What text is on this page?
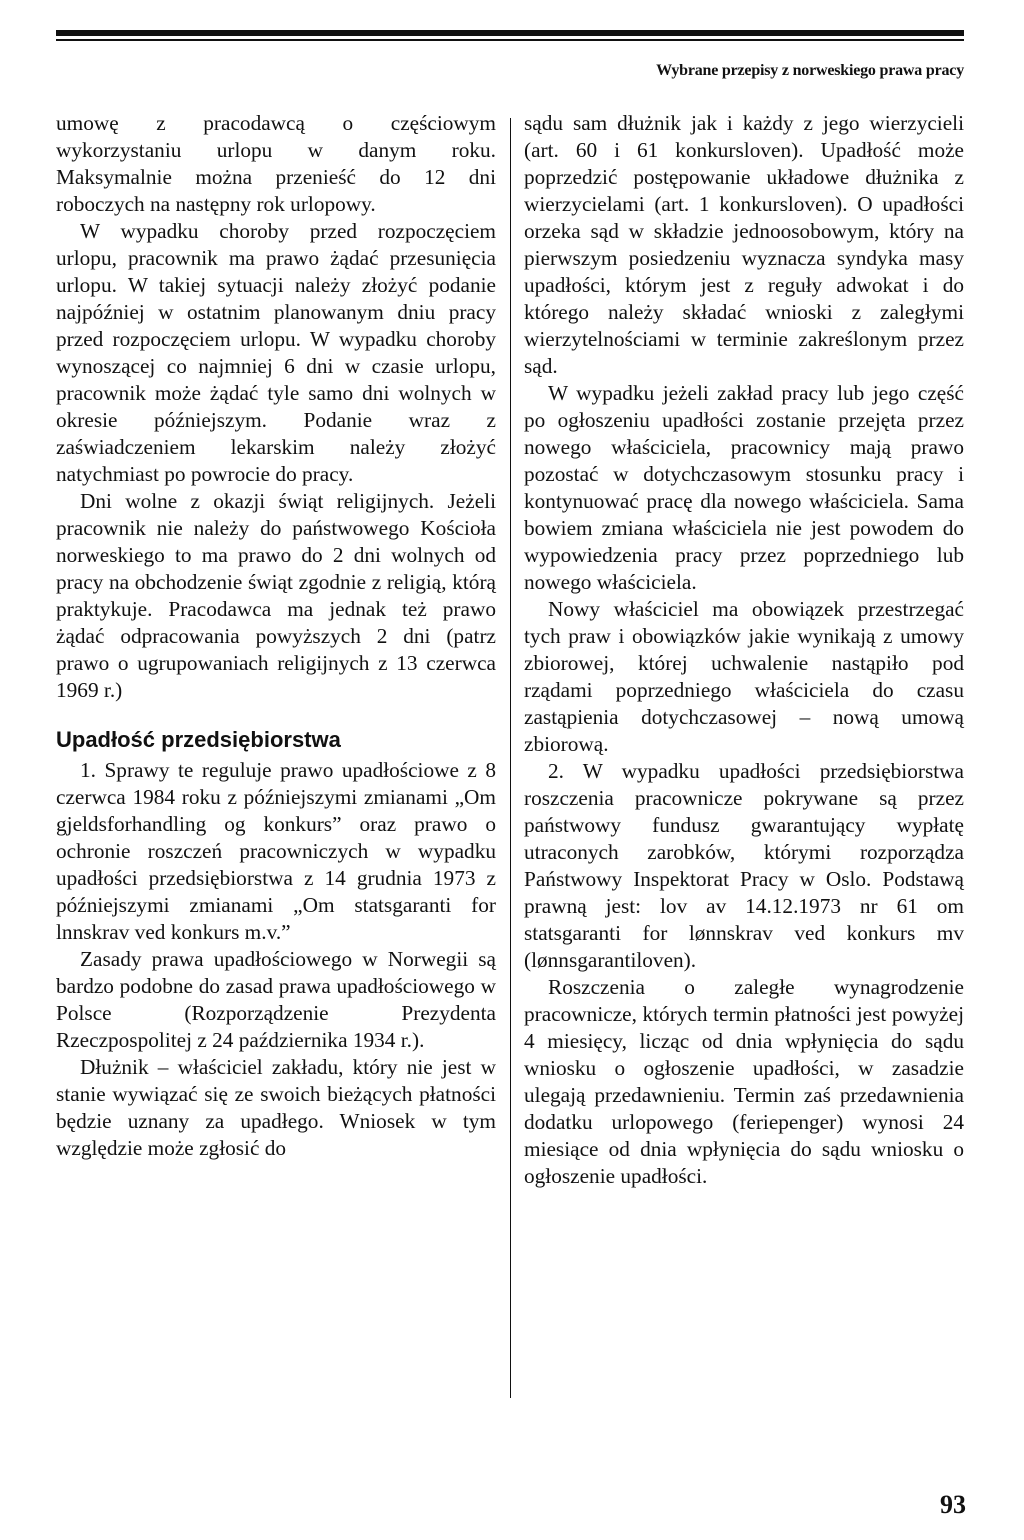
Wybrane przepisy z norweskiego prawa pracy

umowę z pracodawcą o częściowym wykorzystaniu urlopu w danym roku. Maksymalnie można przenieść do 12 dni roboczych na następny rok urlopowy.

W wypadku choroby przed rozpoczęciem urlopu, pracownik ma prawo żądać przesunięcia urlopu. W takiej sytuacji należy złożyć podanie najpóźniej w ostatnim planowanym dniu pracy przed rozpoczęciem urlopu. W wypadku choroby wynoszącej co najmniej 6 dni w czasie urlopu, pracownik może żądać tyle samo dni wolnych w okresie późniejszym. Podanie wraz z zaświadczeniem lekarskim należy złożyć natychmiast po powrocie do pracy.

Dni wolne z okazji świąt religijnych. Jeżeli pracownik nie należy do państwowego Kościoła norweskiego to ma prawo do 2 dni wolnych od pracy na obchodzenie świąt zgodnie z religią, którą praktykuje. Pracodawca ma jednak też prawo żądać odpracowania powyższych 2 dni (patrz prawo o ugrupowaniach religijnych z 13 czerwca 1969 r.)

Upadłość przedsiębiorstwa

1. Sprawy te reguluje prawo upadłościowe z 8 czerwca 1984 roku z późniejszymi zmianami „Om gjeldsforhandling og konkurs” oraz prawo o ochronie roszczeń pracowniczych w wypadku upadłości przedsiębiorstwa z 14 grudnia 1973 z późniejszymi zmianami „Om statsgaranti for lnnskrav ved konkurs m.v.”

Zasady prawa upadłościowego w Norwegii są bardzo podobne do zasad prawa upadłościowego w Polsce (Rozporządzenie Prezydenta Rzeczpospolitej z 24 października 1934 r.).

Dłużnik – właściciel zakładu, który nie jest w stanie wywiązać się ze swoich bieżących płatności będzie uznany za upadłego. Wniosek w tym względzie może zgłosić do

sądu sam dłużnik jak i każdy z jego wierzycieli (art. 60 i 61 konkursloven). Upadłość może poprzedzić postępowanie układowe dłużnika z wierzycielami (art. 1 konkursloven). O upadłości orzeka sąd w składzie jednoosobowym, który na pierwszym posiedzeniu wyznacza syndyka masy upadłości, którym jest z reguły adwokat i do którego należy składać wnioski z zaległymi wierzytelnościami w terminie zakreślonym przez sąd.

W wypadku jeżeli zakład pracy lub jego część po ogłoszeniu upadłości zostanie przejęta przez nowego właściciela, pracownicy mają prawo pozostać w dotychczasowym stosunku pracy i kontynuować pracę dla nowego właściciela. Sama bowiem zmiana właściciela nie jest powodem do wypowiedzenia pracy przez poprzedniego lub nowego właściciela.

Nowy właściciel ma obowiązek przestrzegać tych praw i obowiązków jakie wynikają z umowy zbiorowej, której uchwalenie nastąpiło pod rządami poprzedniego właściciela do czasu zastąpienia dotychczasowej – nową umową zbiorową.

2. W wypadku upadłości przedsiębiorstwa roszczenia pracownicze pokrywane są przez państwowy fundusz gwarantujący wypłatę utraconych zarobków, którymi rozporządza Państwowy Inspektorat Pracy w Oslo. Podstawą prawną jest: lov av 14.12.1973 nr 61 om statsgaranti for lønnskrav ved konkurs mv (lønnsgarantiloven).

Roszczenia o zaległe wynagrodzenie pracownicze, których termin płatności jest powyżej 4 miesięcy, licząc od dnia wpłynięcia do sądu wniosku o ogłoszenie upadłości, w zasadzie ulegają przedawnieniu. Termin zaś przedawnienia dodatku urlopowego (feriepenger) wynosi 24 miesiące od dnia wpłynięcia do sądu wniosku o ogłoszenie upadłości.

93
